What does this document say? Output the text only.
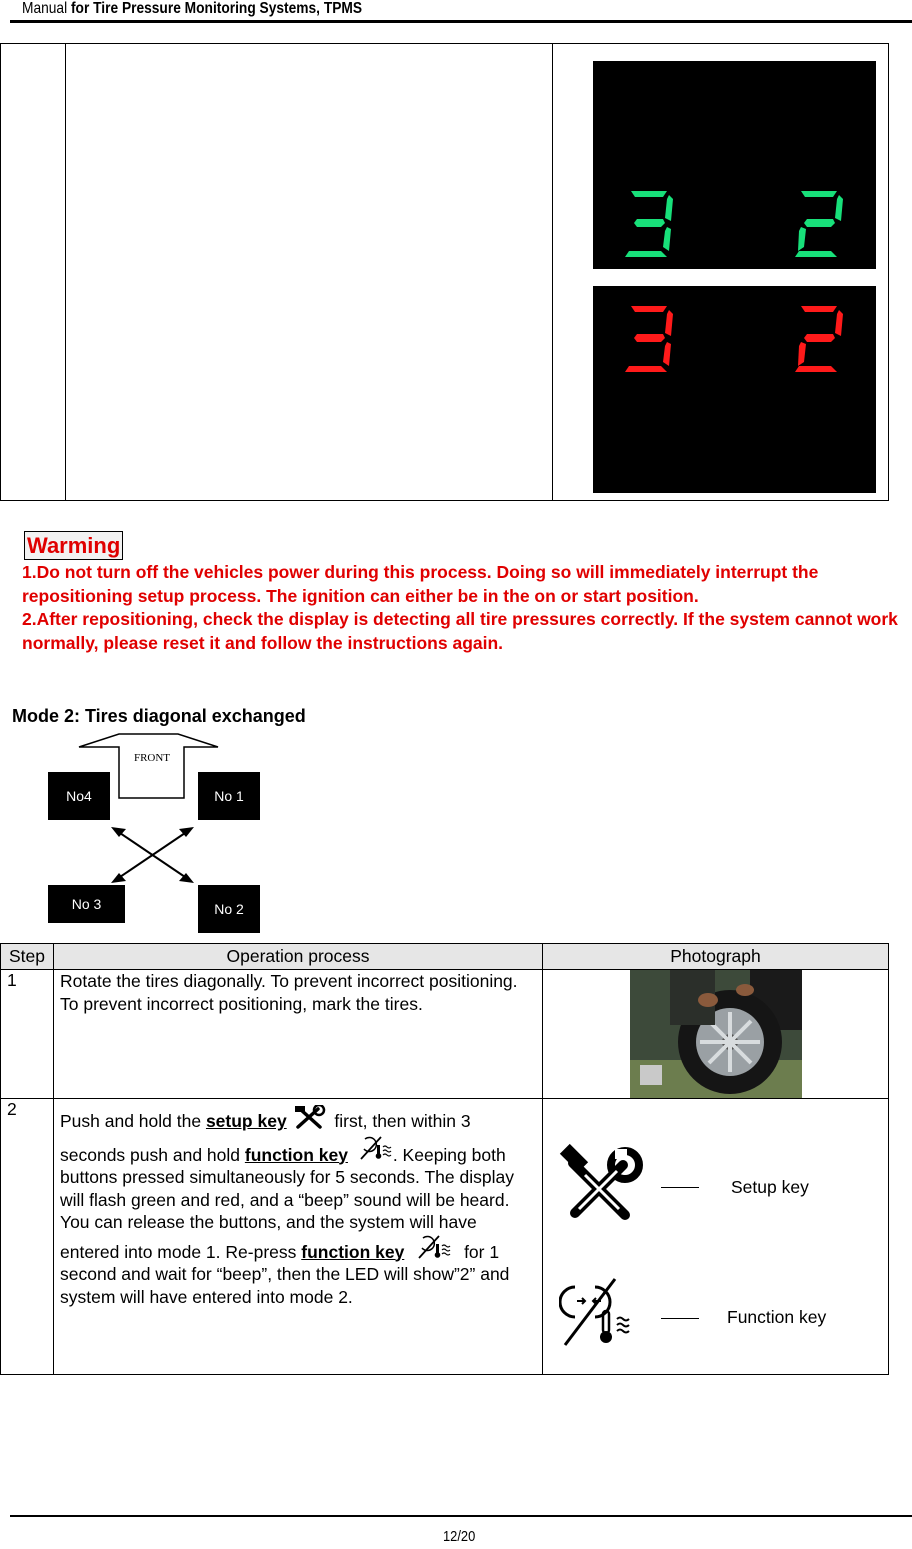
Manual for Tire Pressure Monitoring Systems, TPMS
Warming
1.Do not turn off the vehicles power during this process. Doing so will immediately interrupt the repositioning setup process. The ignition can either be in the on or start position.
2.After repositioning, check the display is detecting all tire pressures correctly. If the system cannot work normally, please reset it and follow the instructions again.
Mode 2: Tires diagonal exchanged
FRONT
No4	No 1
No 3	No 2
Step	Operation process	Photograph
1	Rotate the tires diagonally. To prevent incorrect positioning. To prevent incorrect positioning, mark the tires.	

2	Push and hold the setup key  first, then within 3 seconds push and hold function key . Keeping both buttons pressed simultaneously for 5 seconds. The display will flash green and red, and a “beep” sound will be heard. You can release the buttons, and the system will have entered into mode 1. Re-press function key for 1 second and wait for “beep”, then the LED will show”2” and system will have entered into mode 2.	Setup key
Function key
12/20
